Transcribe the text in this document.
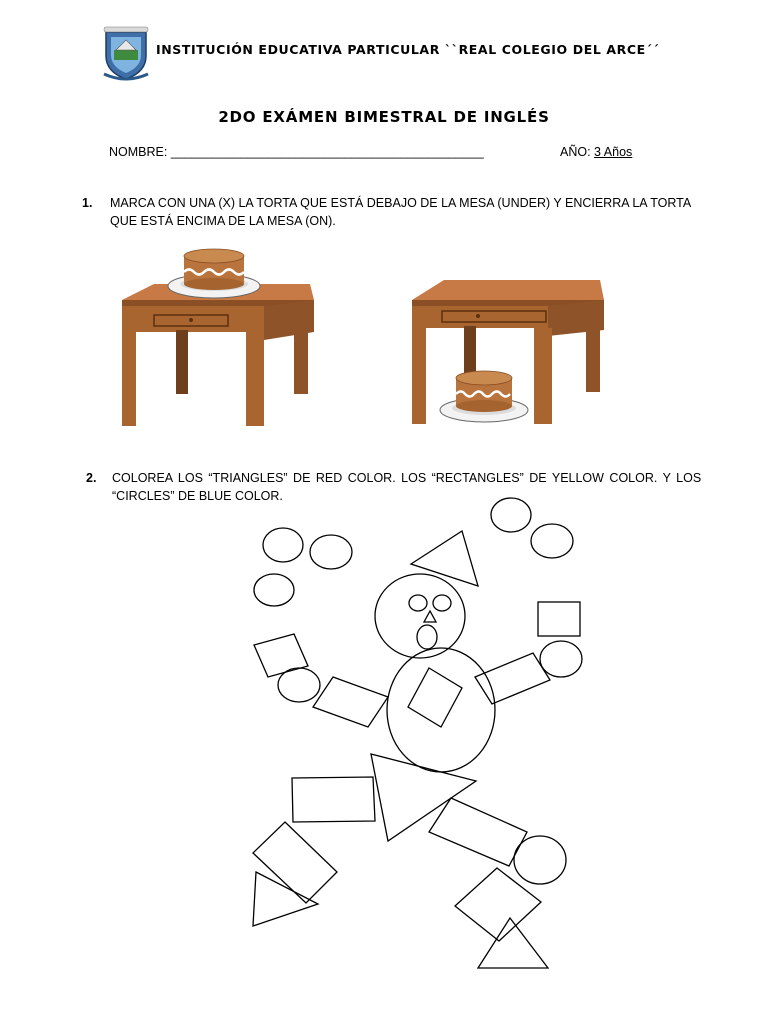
INSTITUCIÓN EDUCATIVA PARTICULAR ``REAL COLEGIO DEL ARCE´´
2DO EXÁMEN BIMESTRAL DE INGLÉS
NOMBRE: _____________________________________________	AÑO: 3 Años
1. MARCA CON UNA (X) LA TORTA QUE ESTÁ DEBAJO DE LA MESA (UNDER) Y ENCIERRA LA TORTA
QUE ESTÁ ENCIMA DE LA MESA (ON).
2. COLOREA LOS “TRIANGLES” DE RED COLOR. LOS “RECTANGLES” DE YELLOW COLOR. Y LOS
“CIRCLES” DE BLUE COLOR.
